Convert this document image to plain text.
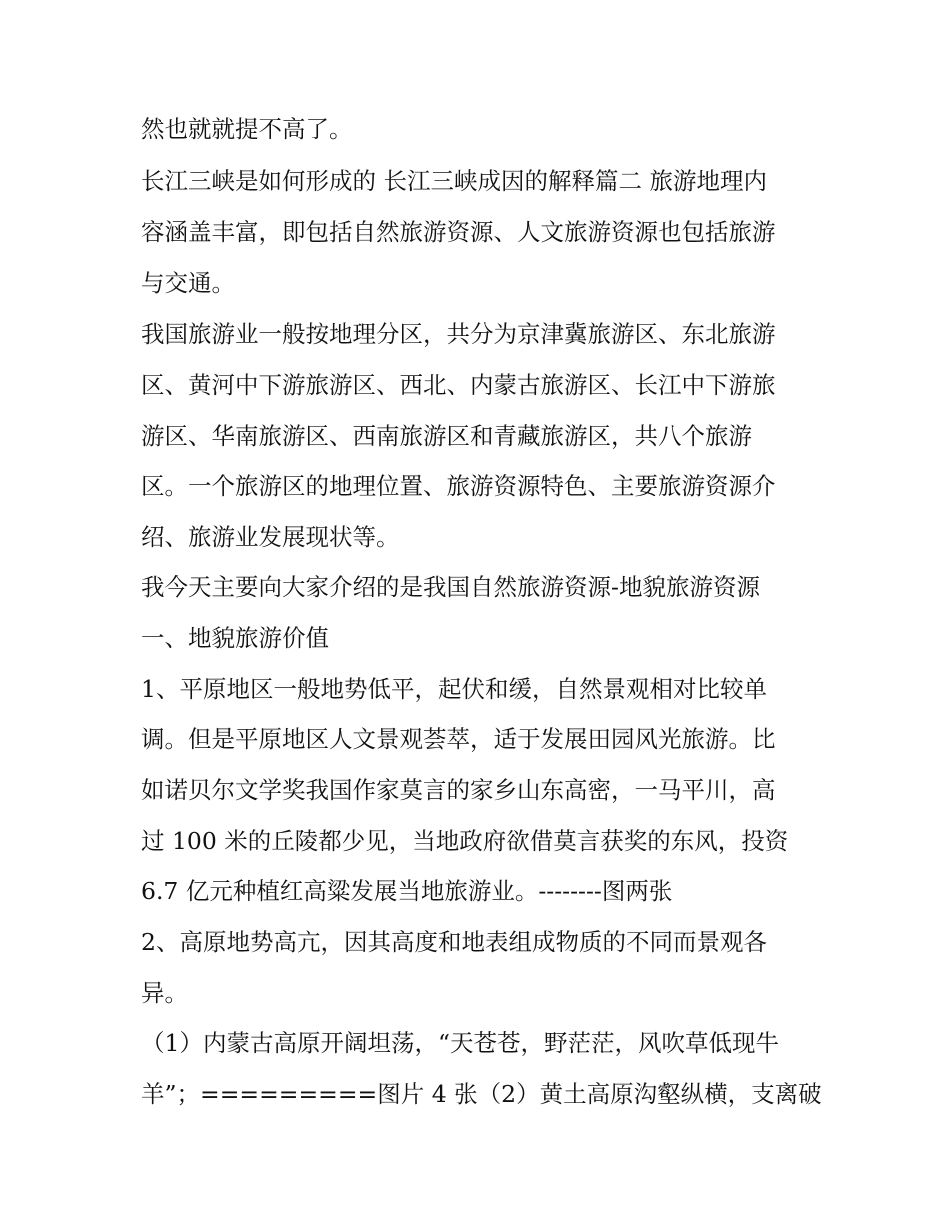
然也就就提不高了。

长江三峡是如何形成的 长江三峡成因的解释篇二 旅游地理内

容涵盖丰富，即包括自然旅游资源、人文旅游资源也包括旅游

与交通。

我国旅游业一般按地理分区，共分为京津冀旅游区、东北旅游

区、黄河中下游旅游区、西北、内蒙古旅游区、长江中下游旅

游区、华南旅游区、西南旅游区和青藏旅游区，共八个旅游

区。一个旅游区的地理位置、旅游资源特色、主要旅游资源介

绍、旅游业发展现状等。

我今天主要向大家介绍的是我国自然旅游资源-地貌旅游资源

一、地貌旅游价值

1、平原地区一般地势低平，起伏和缓，自然景观相对比较单

调。但是平原地区人文景观荟萃，适于发展田园风光旅游。比

如诺贝尔文学奖我国作家莫言的家乡山东高密，一马平川，高

过 100 米的丘陵都少见，当地政府欲借莫言获奖的东风，投资

6.7 亿元种植红高粱发展当地旅游业。--------图两张

2、高原地势高亢，因其高度和地表组成物质的不同而景观各

异。

（1）内蒙古高原开阔坦荡，“天苍苍，野茫茫，风吹草低现牛

羊”；=========图片 4 张（2）黄土高原沟壑纵横，支离破
